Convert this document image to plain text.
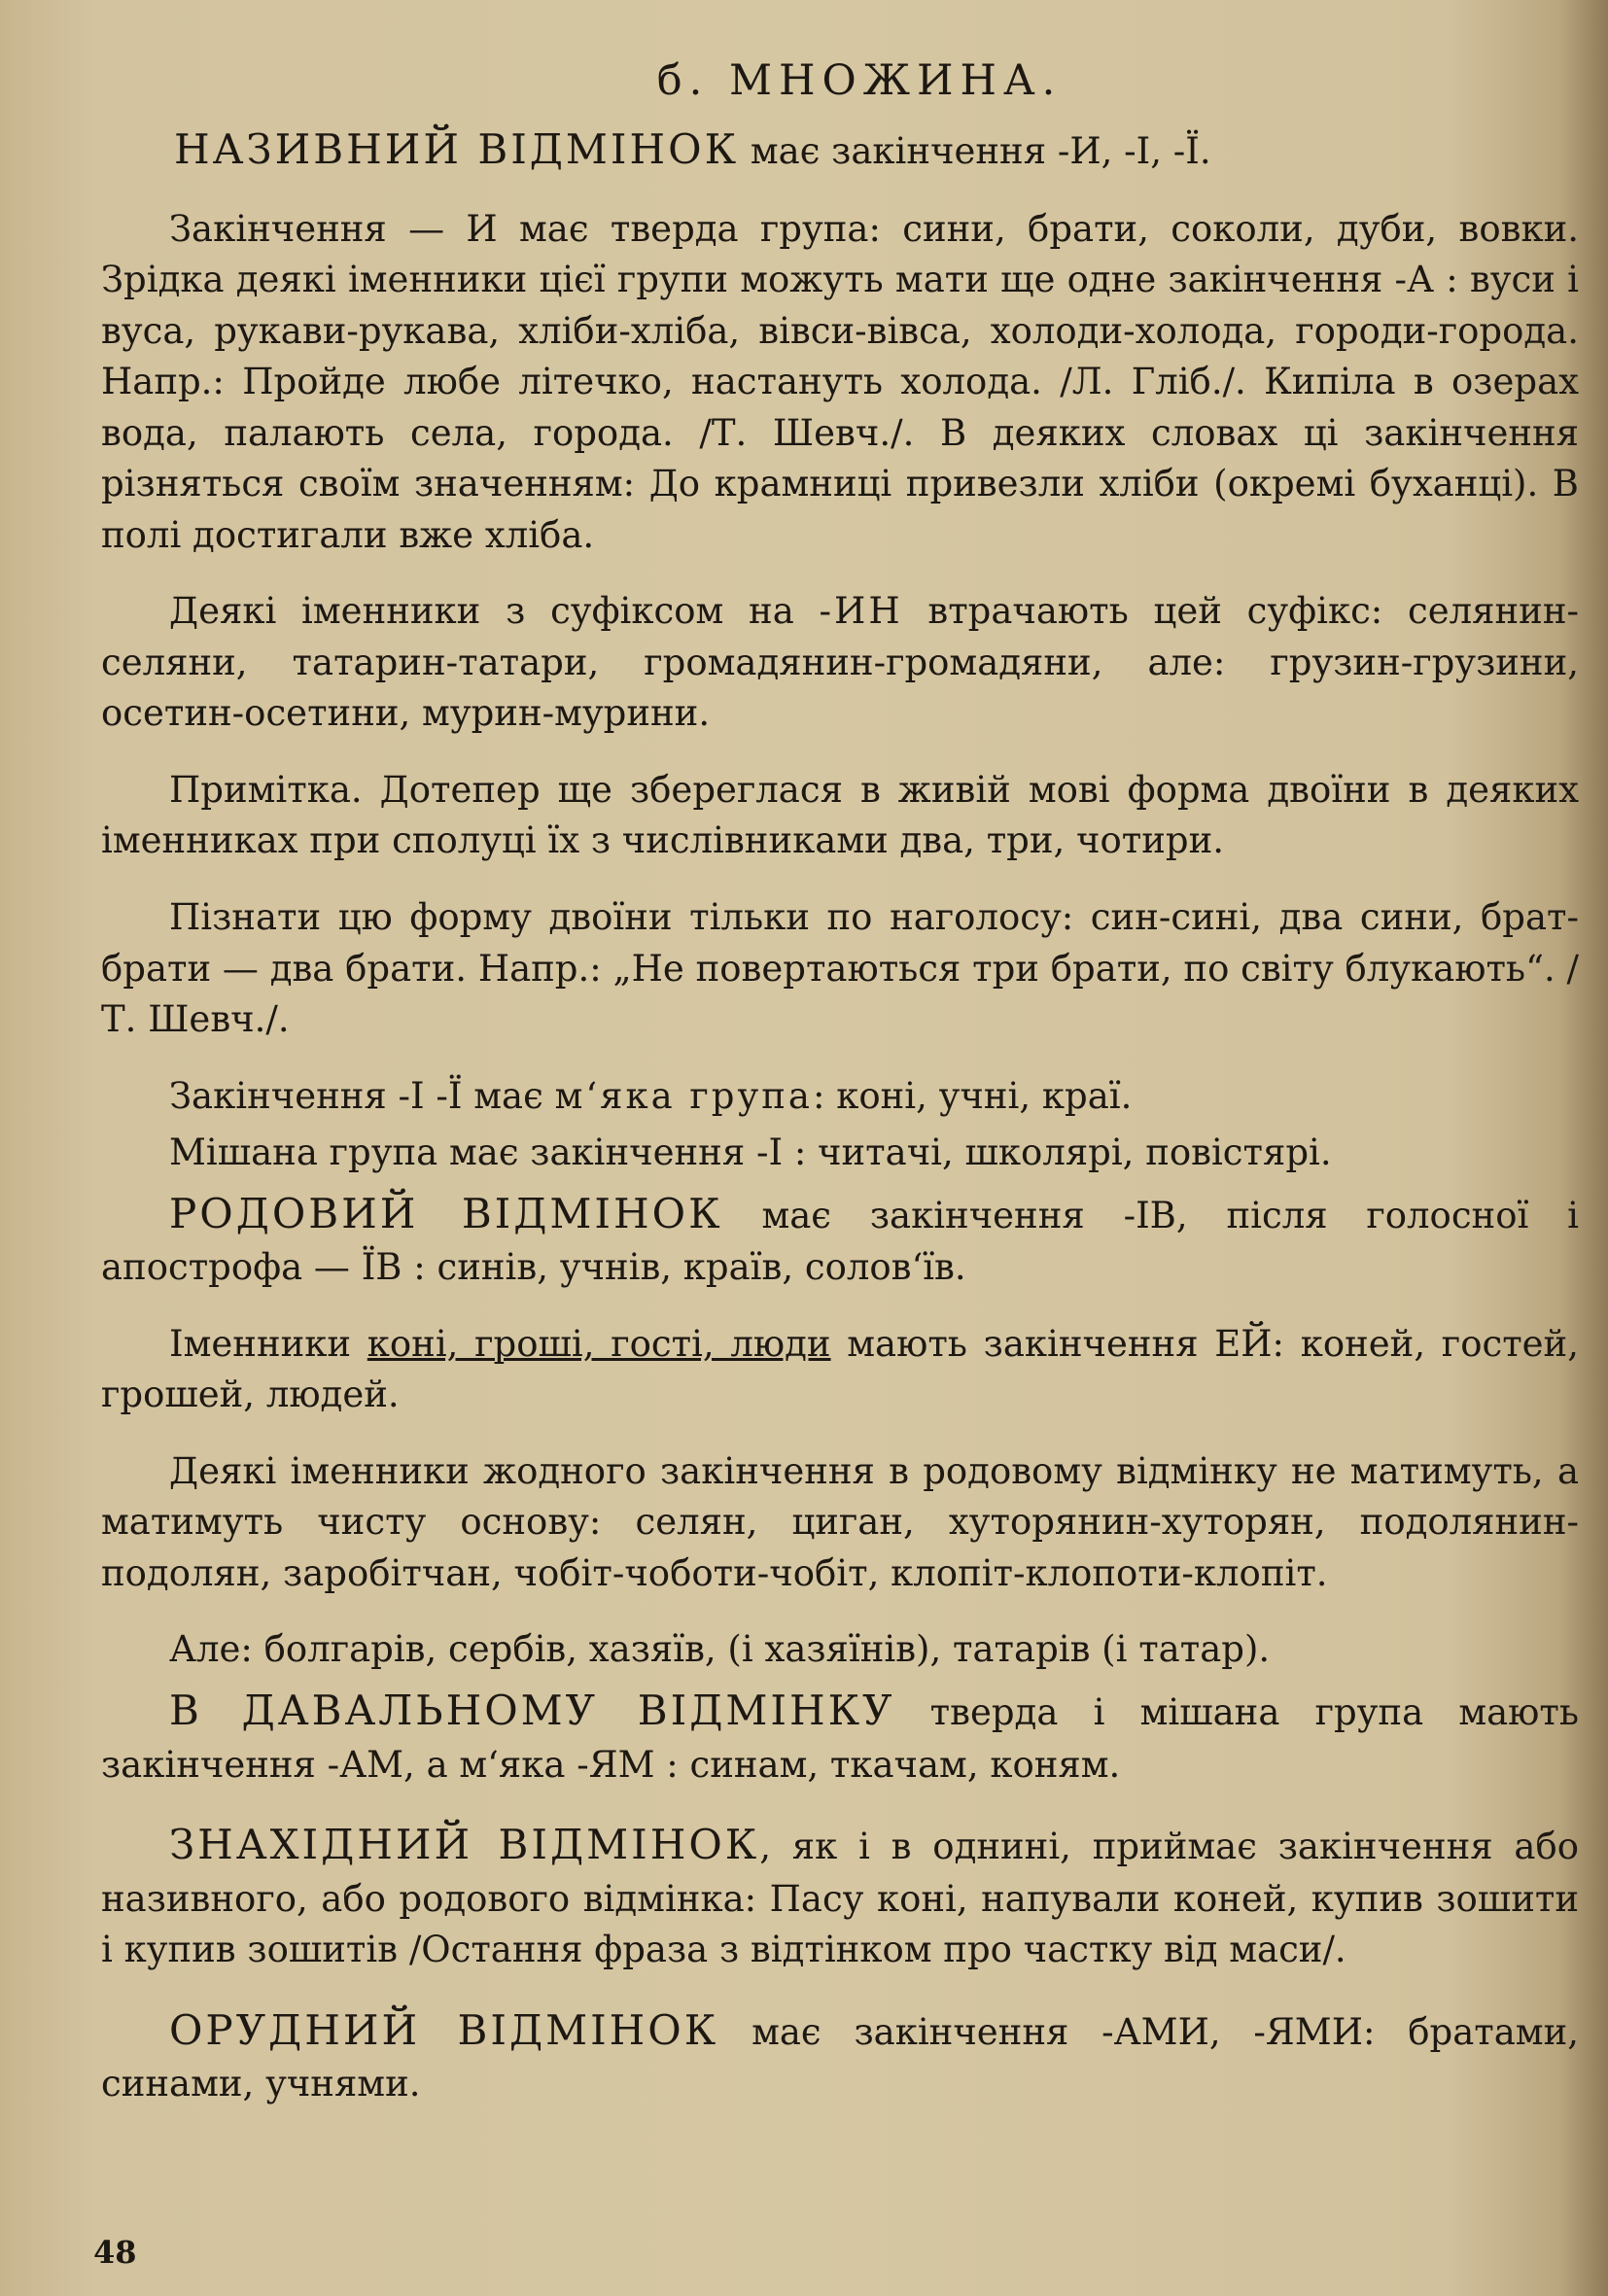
б. МНОЖИНА.

НАЗИВНИЙ ВІДМІНОК має закінчення -И, -І, -Ї.

Закінчення — И має тверда група: сини, брати, соколи, дуби, вовки. Зрідка деякі іменники цієї групи можуть мати ще одне закінчення -А : вуси і вуса, рукави-рукава, хліби-хліба, вівси-вівса, холоди-холода, городи-города. Напр.: Пройде любе літечко, настануть холода. /Л. Гліб./. Кипіла в озерах вода, палають села, города. /Т. Шевч./. В деяких словах ці закінчення різняться своїм значенням: До крамниці привезли хліби (окремі буханці). В полі достигали вже хліба.

Деякі іменники з суфіксом на -ИН втрачають цей суфікс: селянин-селяни, татарин-татари, громадянин-громадяни, але: грузин-грузини, осетин-осетини, мурин-мурини.

Примітка. Дотепер ще збереглася в живій мові форма двоїни в деяких іменниках при сполуці їх з числівниками два, три, чотири.

Пізнати цю форму двоїни тільки по наголосу: син-сині, два сини, брат-брати — два брати. Напр.: „Не повертаються три брати, по світу блукають“. /Т. Шевч./.

Закінчення -І -Ї має м‘яка група: коні, учні, краї.

Мішана група має закінчення -І : читачі, школярі, повістярі.

РОДОВИЙ ВІДМІНОК має закінчення -ІВ, після голосної і апострофа — ЇВ : синів, учнів, країв, солов‘їв.

Іменники коні, гроші, гості, люди мають закінчення ЕЙ: коней, гостей, грошей, людей.

Деякі іменники жодного закінчення в родовому відмінку не матимуть, а матимуть чисту основу: селян, циган, хуторянин-хуторян, подолянин-подолян, заробітчан, чобіт-чоботи-чобіт, клопіт-клопоти-клопіт.

Але: болгарів, сербів, хазяїв, (і хазяїнів), татарів (і татар).

В ДАВАЛЬНОМУ ВІДМІНКУ тверда і мішана група мають закінчення -АМ, а м‘яка -ЯМ : синам, ткачам, коням.

ЗНАХІДНИЙ ВІДМІНОК, як і в однині, приймає закінчення або називного, або родового відмінка: Пасу коні, напували коней, купив зошити і купив зошитів /Остання фраза з відтінком про частку від маси/.

ОРУДНИЙ ВІДМІНОК має закінчення -АМИ, -ЯМИ: братами, синами, учнями.

48
